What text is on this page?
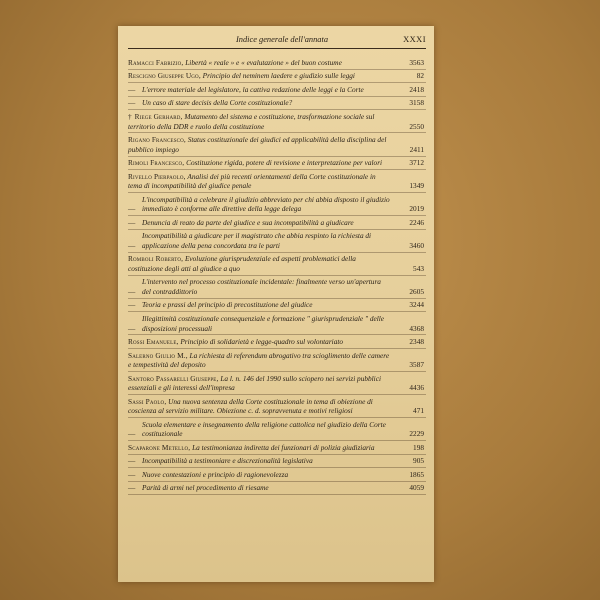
Indice generale dell'annata	XXXI
Ramacci Fabrizio, Libertà « reale » e « evalutazione » del buon costume	3563
Rescigno Giuseppe Ugo, Principio del neminem laedere e giudizio sulle leggi	82
— L'errore materiale del legislatore, la cattiva redazione delle leggi e la Corte	2418
— Un caso di stare decisis della Corte costituzionale?	3158
† Riege Gerhard, Mutamento del sistema e costituzione, trasformazione sociale sul territorio della DDR e ruolo della costituzione	2550
Rigano Francesco, Status costituzionale dei giudici ed applicabilità della disciplina del pubblico impiego	2411
Rimoli Francesco, Costituzione rigida, potere di revisione e interpretazione per valori	3712
Rivello Pierpaolo, Analisi dei più recenti orientamenti della Corte costituzionale in tema di incompatibilità del giudice penale	1349
—
L'incompatibilità a celebrare il giudizio abbreviato per chi abbia disposto il giudizio immediato è conforme alle direttive della legge delega	2019
— Denuncia di reato da parte del giudice e sua incompatibilità a giudicare	2246
—
Incompatibilità a giudicare per il magistrato che abbia respinto la richiesta di applicazione della pena concordata tra le parti	3460
Romboli Roberto, Evoluzione giurisprudenziale ed aspetti problematici della costituzione degli atti al giudice a quo	543
—
L'intervento nel processo costituzionale incidentale: finalmente verso un'apertura del contraddittorio	2605
— Teoria e prassi del principio di precostituzione del giudice	3244
—
Illegittimità costituzionale consequenziale e formazione " giurisprudenziale " delle disposizioni processuali	4368
Rossi Emanuele, Principio di solidarietà e legge-quadro sul volontariato	2348
Salerno Giulio M., La richiesta di referendum abrogativo tra scioglimento delle camere e tempestività del deposito	3587
Santoro Passarelli Giuseppe, La l. n. 146 del 1990 sullo sciopero nei servizi pubblici essenziali e gli interessi dell'impresa	4436
Sassi Paolo, Una nuova sentenza della Corte costituzionale in tema di obiezione di coscienza al servizio militare. Obiezione c. d. sopravvenuta e motivi religiosi	471
—
Scuola elementare e insegnamento della religione cattolica nel giudizio della Corte costituzionale	2229
Scaparone Metello, La testimonianza indiretta dei funzionari di polizia giudiziaria	198
— Incompatibilità a testimoniare e discrezionalità legislativa	905
— Nuove contestazioni e principio di ragionevolezza	1865
— Parità di armi nel procedimento di riesame	4059
